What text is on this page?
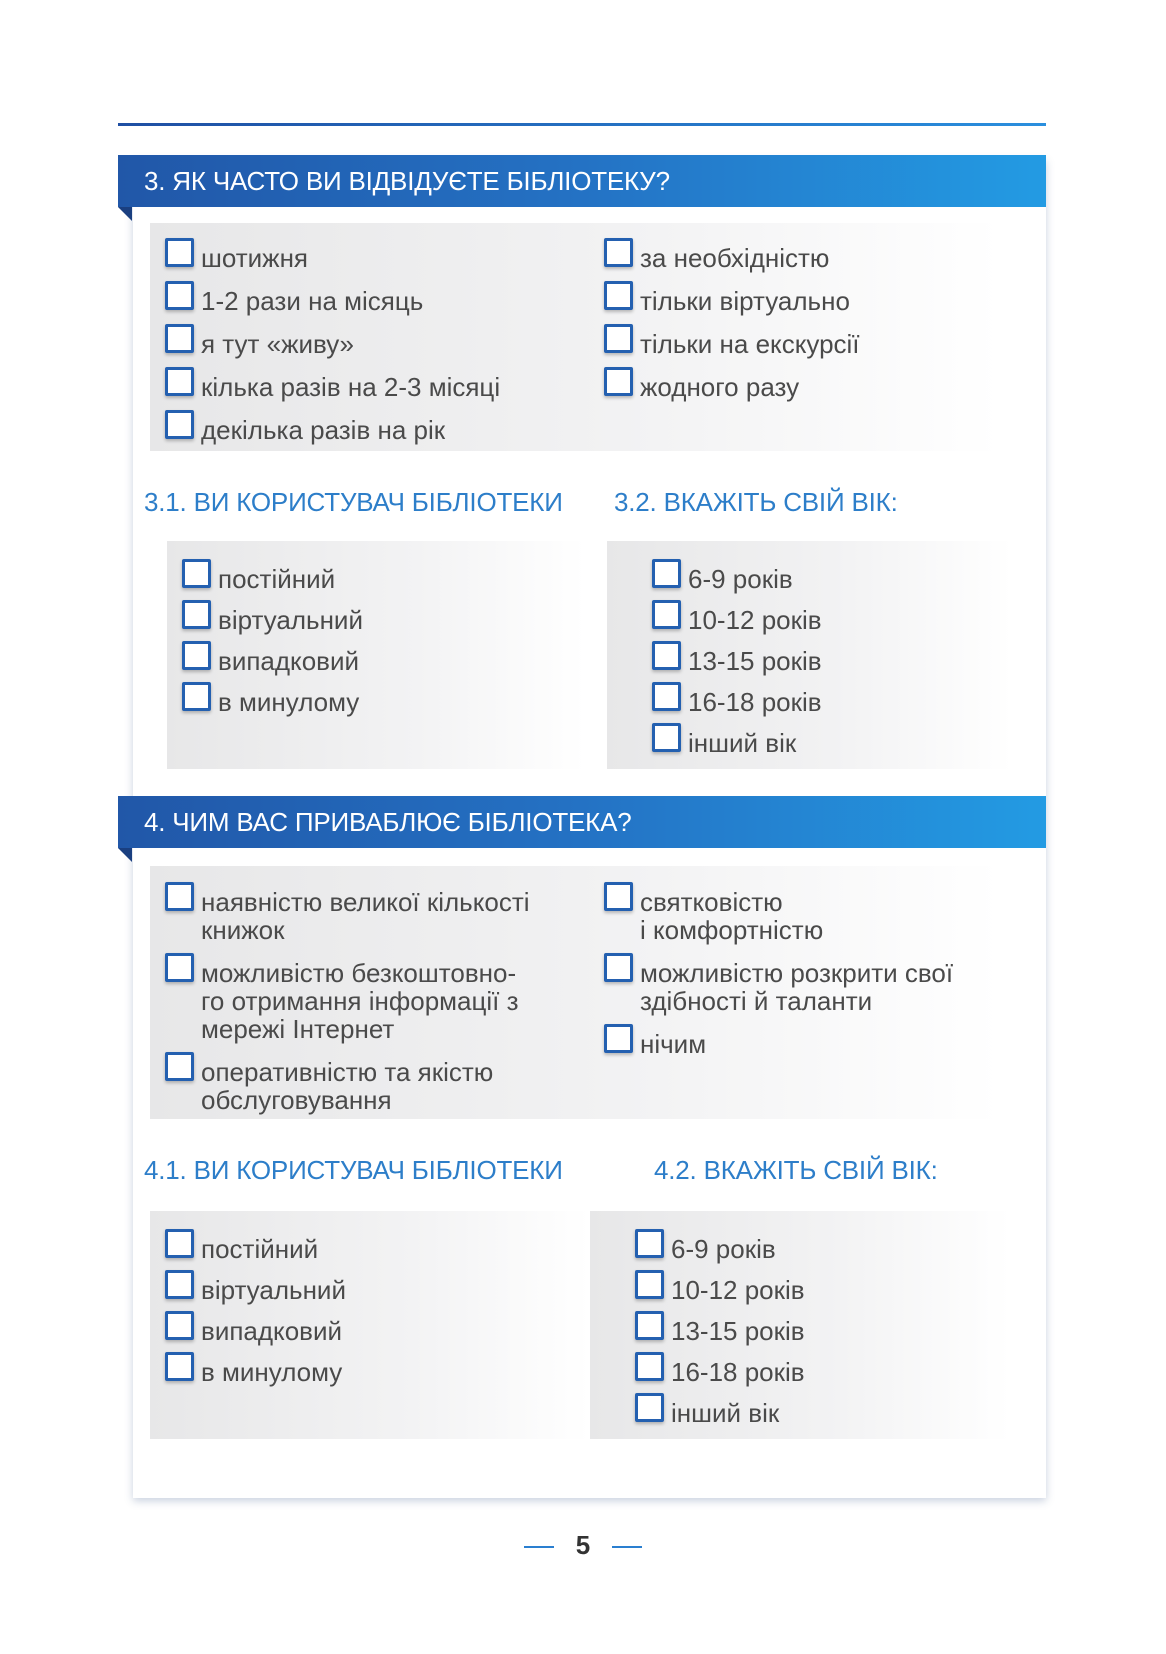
3. ЯК ЧАСТО ВИ ВІДВІДУЄТЕ БІБЛІОТЕКУ?
шотижня
1-2 рази на місяць
я тут «живу»
кілька разів на 2-3 місяці
декілька разів на рік
за необхідністю
тільки віртуально
тільки на екскурсії
жодного разу
3.1. ВИ КОРИСТУВАЧ БІБЛІОТЕКИ
постійний
віртуальний
випадковий
в минулому
3.2. ВКАЖІТЬ СВІЙ ВІК:
6-9 років
10-12 років
13-15 років
16-18 років
інший вік
4. ЧИМ ВАС ПРИВАБЛЮЄ БІБЛІОТЕКА?
наявністю великої кількості
книжок
можливістю безкоштовно-
го отримання інформації з
мережі Інтернет
оперативністю та якістю
обслуговування
святковістю
і комфортністю
можливістю розкрити свої
здібності й таланти
нічим
4.1. ВИ КОРИСТУВАЧ БІБЛІОТЕКИ
постійний
віртуальний
випадковий
в минулому
4.2. ВКАЖІТЬ СВІЙ ВІК:
6-9 років
10-12 років
13-15 років
16-18 років
інший вік
5
